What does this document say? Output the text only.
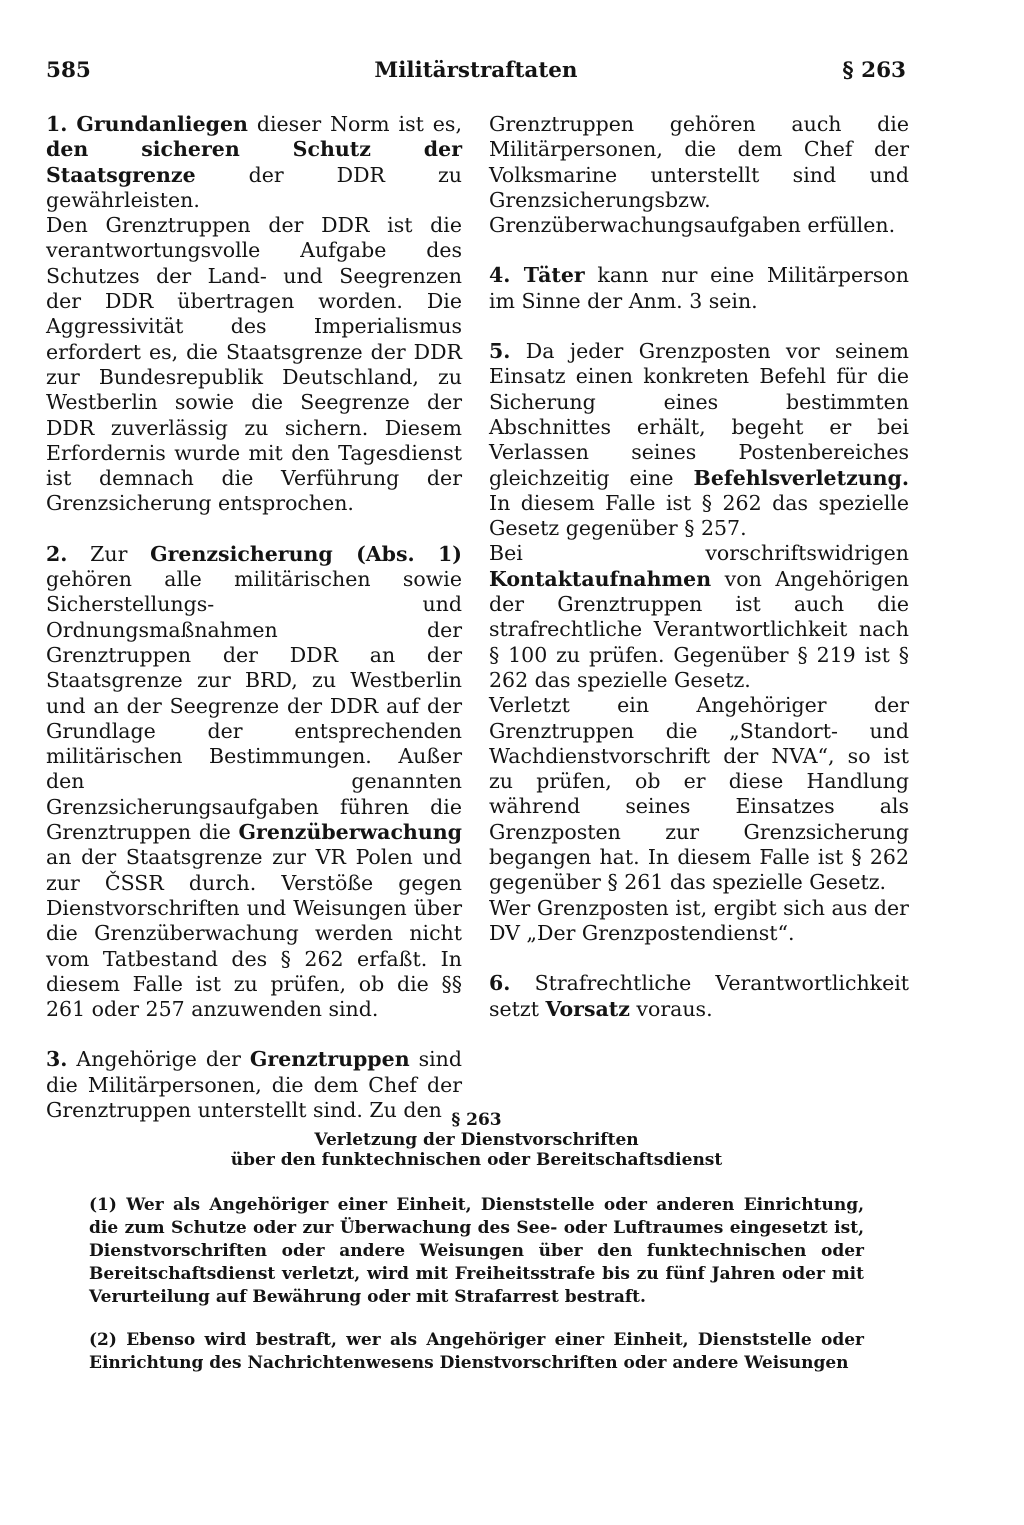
585	Militärstraftaten	§ 263

1. Grundanliegen dieser Norm ist es, den sicheren Schutz der Staatsgrenze der DDR zu gewährleisten.

Den Grenztruppen der DDR ist die verantwortungsvolle Aufgabe des Schutzes der Land- und Seegrenzen der DDR übertragen worden. Die Aggressivität des Imperialismus erfordert es, die Staatsgrenze der DDR zur Bundesrepublik Deutschland, zu Westberlin sowie die Seegrenze der DDR zuverlässig zu sichern. Diesem Erfordernis wurde mit den Tagesdienst ist demnach die Verführung der Grenzsicherung entsprochen.

2. Zur Grenzsicherung (Abs. 1) gehören alle militärischen sowie Sicherstellungs- und Ordnungsmaßnahmen der Grenztruppen der DDR an der Staatsgrenze zur BRD, zu Westberlin und an der Seegrenze der DDR auf der Grundlage der entsprechenden militärischen Bestimmungen. Außer den genannten Grenzsicherungsaufgaben führen die Grenztruppen die Grenzüberwachung an der Staatsgrenze zur VR Polen und zur ČSSR durch. Verstöße gegen Dienstvorschriften und Weisungen über die Grenzüberwachung werden nicht vom Tatbestand des § 262 erfaßt. In diesem Falle ist zu prüfen, ob die §§ 261 oder 257 anzuwenden sind.

3. Angehörige der Grenztruppen sind die Militärpersonen, die dem Chef der Grenztruppen unterstellt sind. Zu den

Grenztruppen gehören auch die Militärpersonen, die dem Chef der Volksmarine unterstellt sind und Grenzsicherungsbzw. Grenzüberwachungsaufgaben erfüllen.

4. Täter kann nur eine Militärperson im Sinne der Anm. 3 sein.

5. Da jeder Grenzposten vor seinem Einsatz einen konkreten Befehl für die Sicherung eines bestimmten Abschnittes erhält, begeht er bei Verlassen seines Postenbereiches gleichzeitig eine Befehlsverletzung. In diesem Falle ist § 262 das spezielle Gesetz gegenüber § 257.

Bei vorschriftswidrigen Kontaktaufnahmen von Angehörigen der Grenztruppen ist auch die strafrechtliche Verantwortlichkeit nach § 100 zu prüfen. Gegenüber § 219 ist § 262 das spezielle Gesetz.

Verletzt ein Angehöriger der Grenztruppen die „Standort- und Wachdienstvorschrift der NVA“, so ist zu prüfen, ob er diese Handlung während seines Einsatzes als Grenzposten zur Grenzsicherung begangen hat. In diesem Falle ist § 262 gegenüber § 261 das spezielle Gesetz.

Wer Grenzposten ist, ergibt sich aus der DV „Der Grenzpostendienst“.

6. Strafrechtliche Verantwortlichkeit setzt Vorsatz voraus.

§ 263
Verletzung der Dienstvorschriften
über den funktechnischen oder Bereitschaftsdienst

(1) Wer als Angehöriger einer Einheit, Dienststelle oder anderen Einrichtung, die zum Schutze oder zur Überwachung des See- oder Luftraumes eingesetzt ist, Dienstvorschriften oder andere Weisungen über den funktechnischen oder Bereitschaftsdienst verletzt, wird mit Freiheitsstrafe bis zu fünf Jahren oder mit Verurteilung auf Bewährung oder mit Strafarrest bestraft.

(2) Ebenso wird bestraft, wer als Angehöriger einer Einheit, Dienststelle oder Einrichtung des Nachrichtenwesens Dienstvorschriften oder andere Weisungen
